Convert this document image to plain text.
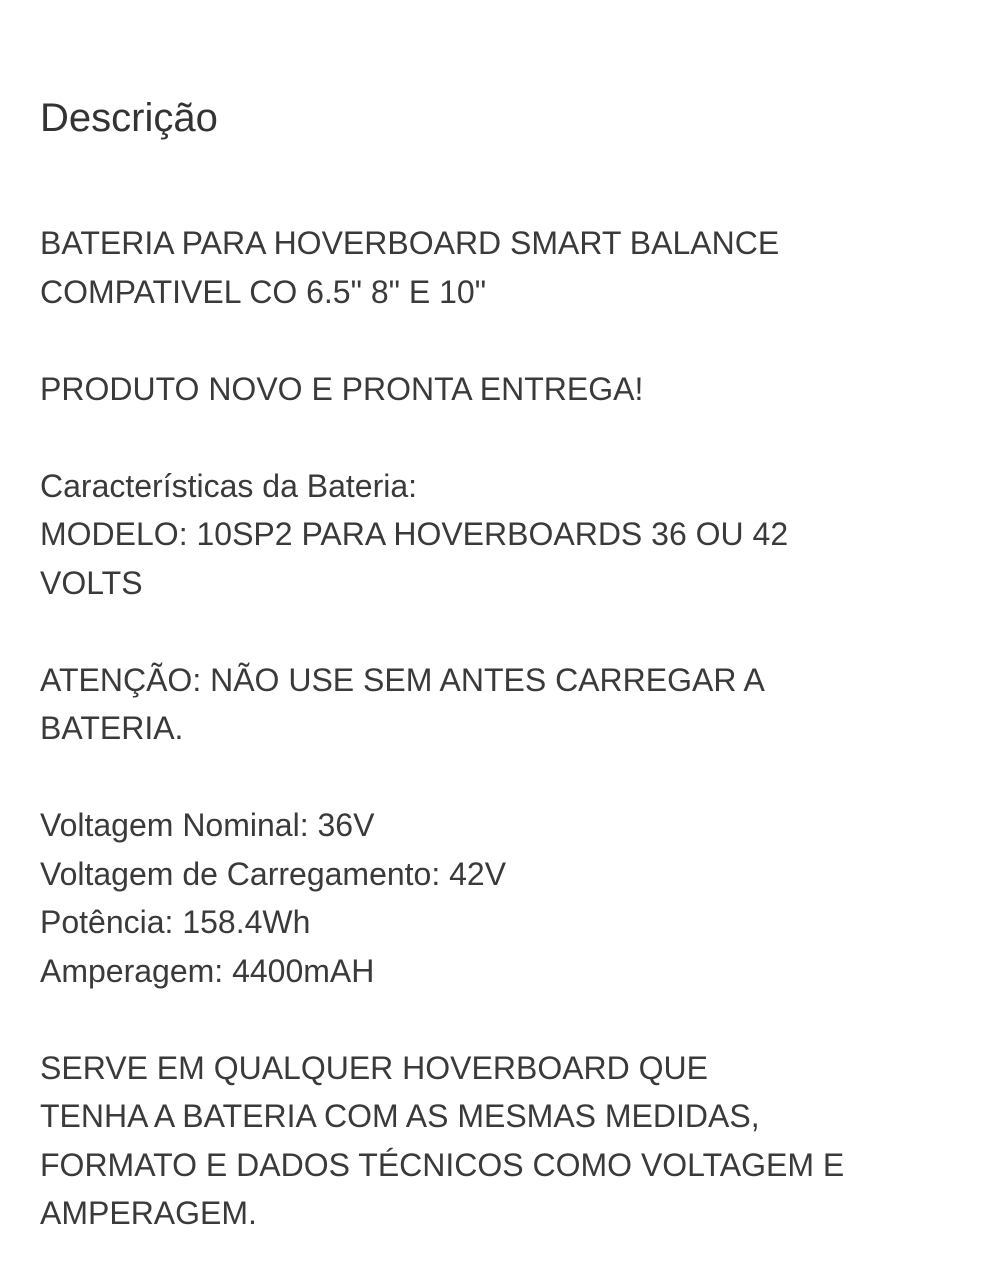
Descrição

BATERIA PARA HOVERBOARD SMART BALANCE
COMPATIVEL CO 6.5" 8" E 10"

PRODUTO NOVO E PRONTA ENTREGA!

Características da Bateria:
MODELO: 10SP2 PARA HOVERBOARDS 36 OU 42
VOLTS

ATENÇÃO: NÃO USE SEM ANTES CARREGAR A
BATERIA.

Voltagem Nominal: 36V
Voltagem de Carregamento: 42V
Potência: 158.4Wh
Amperagem: 4400mAH

SERVE EM QUALQUER HOVERBOARD QUE
TENHA A BATERIA COM AS MESMAS MEDIDAS,
FORMATO E DADOS TÉCNICOS COMO VOLTAGEM E
AMPERAGEM.
